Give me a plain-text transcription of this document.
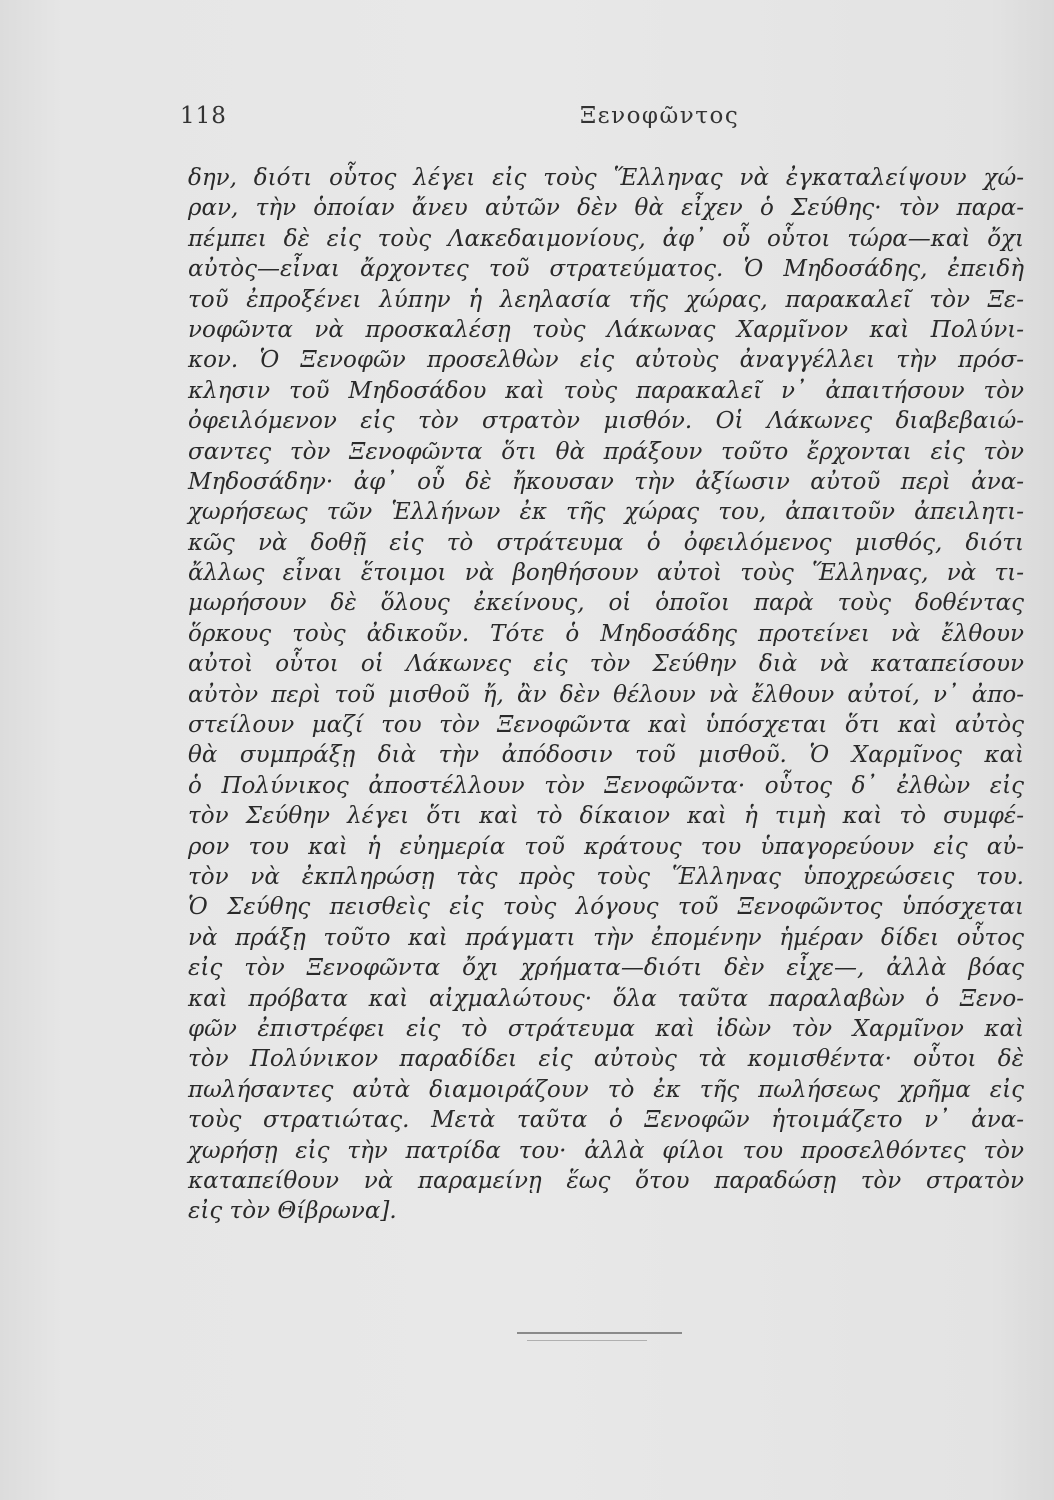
118	Ξενοφῶντος
δην, διότι οὗτος λέγει εἰς τοὺς Ἕλληνας νὰ ἐγκαταλείψουν χώ-
ραν, τὴν ὁποίαν ἄνευ αὐτῶν δὲν θὰ εἶχεν ὁ Σεύθης· τὸν παρα-
πέμπει δὲ εἰς τοὺς Λακεδαιμονίους, ἀφ᾽ οὗ οὗτοι τώρα—καὶ ὄχι
αὐτὸς—εἶναι ἄρχοντες τοῦ στρατεύματος. Ὁ Μηδοσάδης, ἐπειδὴ
τοῦ ἐπροξένει λύπην ἡ λεηλασία τῆς χώρας, παρακαλεῖ τὸν Ξε-
νοφῶντα νὰ προσκαλέσῃ τοὺς Λάκωνας Χαρμῖνον καὶ Πολύνι-
κον. Ὁ Ξενοφῶν προσελθὼν εἰς αὐτοὺς ἀναγγέλλει τὴν πρόσ-
κλησιν τοῦ Μηδοσάδου καὶ τοὺς παρακαλεῖ ν᾽ ἀπαιτήσουν τὸν
ὀφειλόμενον εἰς τὸν στρατὸν μισθόν. Οἱ Λάκωνες διαβεβαιώ-
σαντες τὸν Ξενοφῶντα ὅτι θὰ πράξουν τοῦτο ἔρχονται εἰς τὸν
Μηδοσάδην· ἀφ᾽ οὗ δὲ ἤκουσαν τὴν ἀξίωσιν αὐτοῦ περὶ ἀνα-
χωρήσεως τῶν Ἑλλήνων ἐκ τῆς χώρας του, ἀπαιτοῦν ἀπειλητι-
κῶς νὰ δοθῇ εἰς τὸ στράτευμα ὁ ὀφειλόμενος μισθός, διότι
ἄλλως εἶναι ἕτοιμοι νὰ βοηθήσουν αὐτοὶ τοὺς Ἕλληνας, νὰ τι-
μωρήσουν δὲ ὅλους ἐκείνους, οἱ ὁποῖοι παρὰ τοὺς δοθέντας
ὅρκους τοὺς ἀδικοῦν. Τότε ὁ Μηδοσάδης προτείνει νὰ ἔλθουν
αὐτοὶ οὗτοι οἱ Λάκωνες εἰς τὸν Σεύθην διὰ νὰ καταπείσουν
αὐτὸν περὶ τοῦ μισθοῦ ἤ, ἂν δὲν θέλουν νὰ ἔλθουν αὐτοί, ν᾽ ἀπο-
στείλουν μαζί του τὸν Ξενοφῶντα καὶ ὑπόσχεται ὅτι καὶ αὐτὸς
θὰ συμπράξῃ διὰ τὴν ἀπόδοσιν τοῦ μισθοῦ. Ὁ Χαρμῖνος καὶ
ὁ Πολύνικος ἀποστέλλουν τὸν Ξενοφῶντα· οὗτος δ᾽ ἐλθὼν εἰς
τὸν Σεύθην λέγει ὅτι καὶ τὸ δίκαιον καὶ ἡ τιμὴ καὶ τὸ συμφέ-
ρον του καὶ ἡ εὐημερία τοῦ κράτους του ὑπαγορεύουν εἰς αὐ-
τὸν νὰ ἐκπληρώσῃ τὰς πρὸς τοὺς Ἕλληνας ὑποχρεώσεις του.
Ὁ Σεύθης πεισθεὶς εἰς τοὺς λόγους τοῦ Ξενοφῶντος ὑπόσχεται
νὰ πράξῃ τοῦτο καὶ πράγματι τὴν ἐπομένην ἡμέραν δίδει οὗτος
εἰς τὸν Ξενοφῶντα ὄχι χρήματα—διότι δὲν εἶχε—, ἀλλὰ βόας
καὶ πρόβατα καὶ αἰχμαλώτους· ὅλα ταῦτα παραλαβὼν ὁ Ξενο-
φῶν ἐπιστρέφει εἰς τὸ στράτευμα καὶ ἰδὼν τὸν Χαρμῖνον καὶ
τὸν Πολύνικον παραδίδει εἰς αὐτοὺς τὰ κομισθέντα· οὗτοι δὲ
πωλήσαντες αὐτὰ διαμοιράζουν τὸ ἐκ τῆς πωλήσεως χρῆμα εἰς
τοὺς στρατιώτας. Μετὰ ταῦτα ὁ Ξενοφῶν ἡτοιμάζετο ν᾽ ἀνα-
χωρήσῃ εἰς τὴν πατρίδα του· ἀλλὰ φίλοι του προσελθόντες τὸν
καταπείθουν νὰ παραμείνῃ ἕως ὅτου παραδώσῃ τὸν στρατὸν
εἰς τὸν Θίβρωνα].
